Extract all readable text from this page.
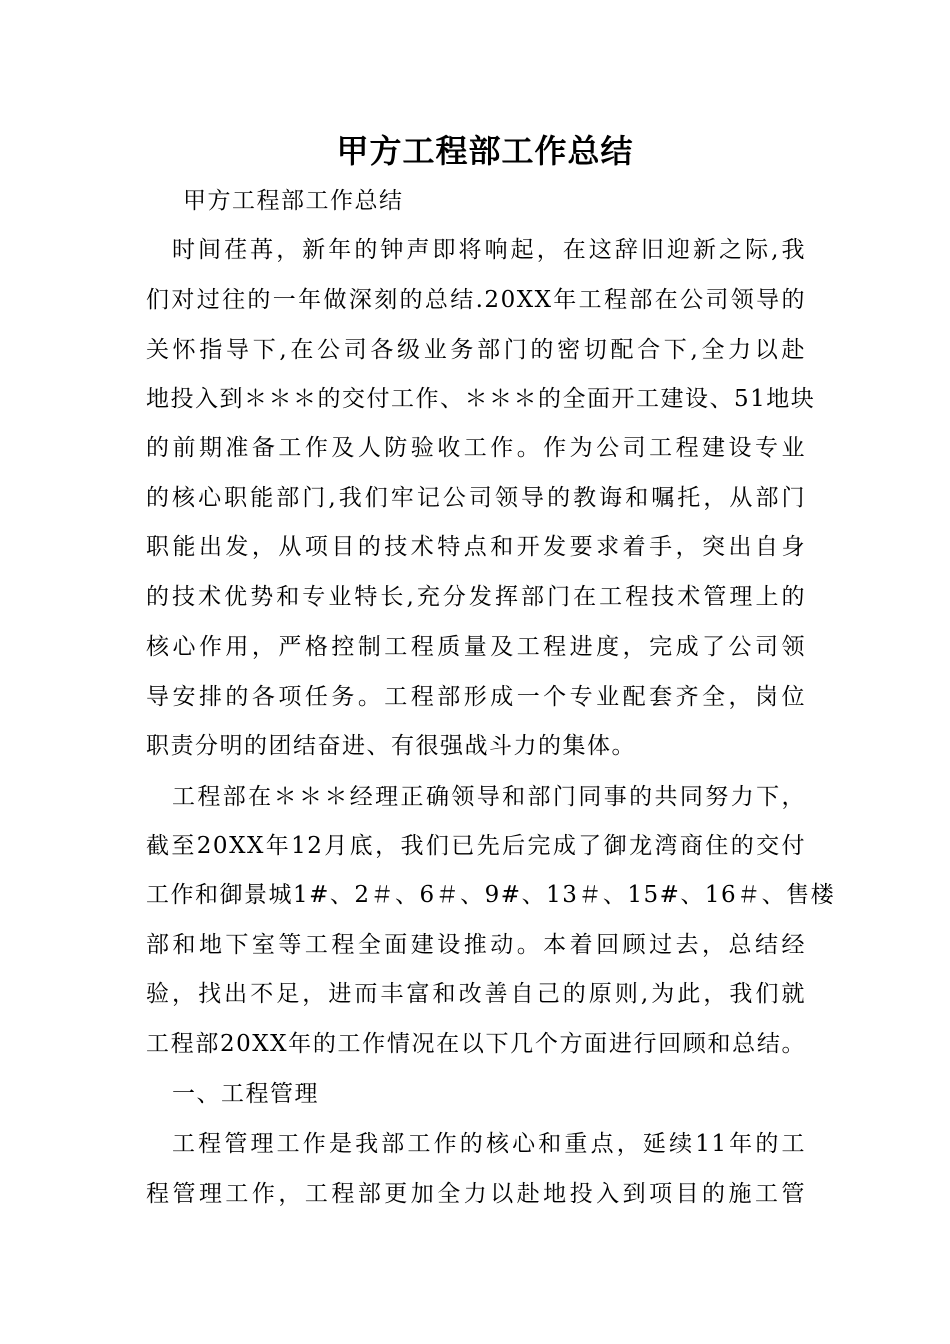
甲方工程部工作总结
甲方工程部工作总结
时间荏苒，新年的钟声即将响起，在这辞旧迎新之际,我
们对过往的一年做深刻的总结.20XX年工程部在公司领导的
关怀指导下,在公司各级业务部门的密切配合下,全力以赴
地投入到＊＊＊的交付工作、＊＊＊的全面开工建设、51地块
的前期准备工作及人防验收工作。作为公司工程建设专业
的核心职能部门,我们牢记公司领导的教诲和嘱托，从部门
职能出发，从项目的技术特点和开发要求着手，突出自身
的技术优势和专业特长,充分发挥部门在工程技术管理上的
核心作用，严格控制工程质量及工程进度，完成了公司领
导安排的各项任务。工程部形成一个专业配套齐全，岗位
职责分明的团结奋进、有很强战斗力的集体。
工程部在＊＊＊经理正确领导和部门同事的共同努力下，
截至20XX年12月底，我们已先后完成了御龙湾商住的交付
工作和御景城1#、2＃、6＃、9#、13＃、15#、16＃、售楼
部和地下室等工程全面建设推动。本着回顾过去，总结经
验，找出不足，进而丰富和改善自己的原则,为此，我们就
工程部20XX年的工作情况在以下几个方面进行回顾和总结。
一、工程管理
工程管理工作是我部工作的核心和重点，延续11年的工
程管理工作，工程部更加全力以赴地投入到项目的施工管
